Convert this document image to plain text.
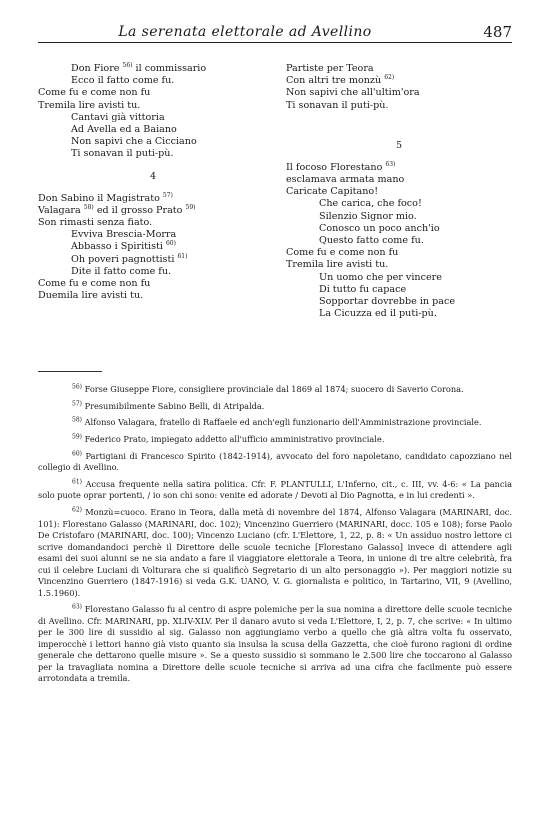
La serenata elettorale ad Avellino	487
Don Fiore $^{56)}$ il commissario
Ecco il fatto come fu.
Come fu e come non fu
Tremila lire avisti tu.
Cantavi già vittoria
Ad Avella ed a Baiano
Non sapivi che a Cicciano
Ti sonavan il puti-pù.
4
Don Sabino il Magistrato $^{57)}$
Valagara $^{58)}$ ed il grosso Prato $^{59)}$
Son rimasti senza fiato.
Evviva Brescia-Morra
Abbasso i Spiritisti $^{60)}$
Oh poveri pagnottisti $^{61)}$
Dite il fatto come fu.
Come fu e come non fu
Duemila lire avisti tu.
Partiste per Teora
Con altri tre monzù $^{62)}$
Non sapivi che all'ultim'ora
Ti sonavan il puti-pù.
5
Il focoso Florestano $^{63)}$
esclamava armata mano
Caricate Capitano!
Che carica, che foco!
Silenzio Signor mio.
Conosco un poco anch'io
Questo fatto come fu.
Come fu e come non fu
Tremila lire avisti tu.
Un uomo che per vincere
Di tutto fu capace
Sopportar dovrebbe in pace
La Cicuzza ed il puti-pù.

$^{56)}$ Forse Giuseppe Fiore, consigliere provinciale dal 1869 al 1874; suocero di Saverio Corona.

$^{57)}$ Presumibilmente Sabino Belli, di Atripalda.

$^{58)}$ Alfonso Valagara, fratello di Raffaele ed anch'egli funzionario dell'Amministrazione provinciale.

$^{59)}$ Federico Prato, impiegato addetto all'ufficio amministrativo provinciale.

$^{60)}$ Partigiani di Francesco Spirito (1842-1914), avvocato del foro napoletano, candidato capozziano nel collegio di Avellino.

$^{61)}$ Accusa frequente nella satira politica. Cfr. F. PLANTULLI, L'Inferno, cit., c. III, vv. 4-6: « La pancia solo puote oprar portenti, / io son chi sono: venite ed adorate / Devoti al Dio Pagnotta, e in lui credenti ».

$^{62)}$ Monzù=cuoco. Erano in Teora, dalla metà di novembre del 1874, Alfonso Valagara (MARINARI, doc. 101): Florestano Galasso (MARINARI, doc. 102); Vincenzino Guerriero (MARINARI, docc. 105 e 108); forse Paolo De Cristofaro (MARINARI, doc. 100); Vincenzo Luciano (cfr. L'Elettore, 1, 22, p. 8: « Un assiduo nostro lettore ci scrive domandandoci perchè il Direttore delle scuole tecniche [Florestano Galasso] invece di attendere agli esami dei suoi alunni se ne sia andato a fare il viaggiatore elettorale a Teora, in unione di tre altre celebrità, fra cui il celebre Luciani di Volturara che si qualificò Segretario di un alto personaggio »). Per maggiori notizie su Vincenzino Guerriero (1847-1916) si veda G.K. UANO, V. G. giornalista e politico, in Tartarino, VII, 9 (Avellino, 1.5.1960).

$^{63)}$ Florestano Galasso fu al centro di aspre polemiche per la sua nomina a direttore delle scuole tecniche di Avellino. Cfr. MARINARI, pp. XLIV-XLV. Per il danaro avuto si veda L'Elettore, I, 2, p. 7, che scrive: « In ultimo per le 300 lire di sussidio al sig. Galasso non aggiungiamo verbo a quello che già altra volta fu osservato, imperocchè i lettori hanno già visto quanto sia insulsa la scusa della Gazzetta, che cioè furono ragioni di ordine generale che dettarono quelle misure ». Se a questo sussidio si sommano le 2.500 lire che toccarono al Galasso per la travagliata nomina a Direttore delle scuole tecniche si arriva ad una cifra che facilmente può essere arrotondata a tremila.
